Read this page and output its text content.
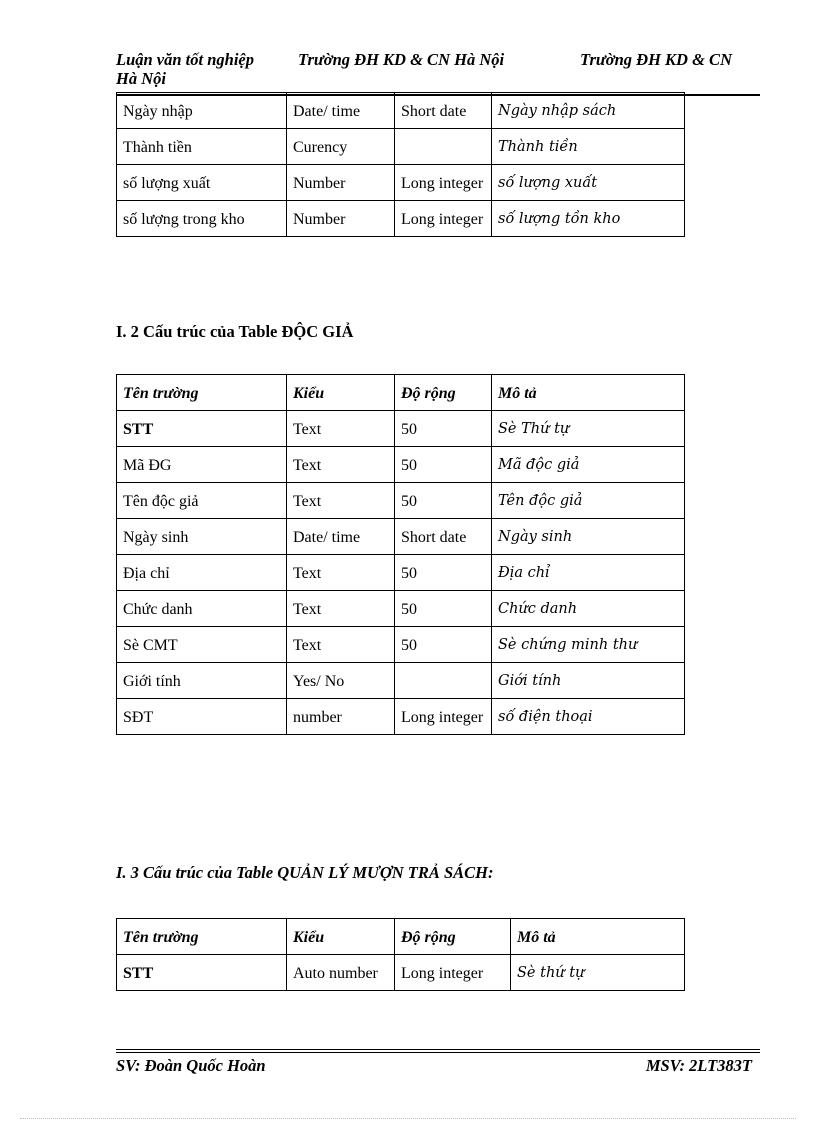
Luận văn tốt nghiệp	Trường ĐH KD & CN Hà Nội	Trường ĐH KD & CN
Hà Nội
Ngày nhập	Date/ time	Short date	Ngày nhập sách
Thành tiền	Curency		Thành tiền
số lượng xuất	Number	Long integer	số lượng xuất
số lượng trong kho	Number	Long integer	số lượng tồn kho
I. 2 Cấu trúc của Table ĐỘC GIẢ
Tên trường	Kiểu	Độ rộng	Mô tả
STT	Text	50	Sè Thứ tự
Mã ĐG	Text	50	Mã độc giả
Tên độc giả	Text	50	Tên độc giả
Ngày sinh	Date/ time	Short date	Ngày sinh
Địa chỉ	Text	50	Địa chỉ
Chức danh	Text	50	Chức danh
Sè CMT	Text	50	Sè chứng minh thư
Giới tính	Yes/ No		Giới tính
SĐT	number	Long integer	số điện thoại
I. 3 Cấu trúc của Table QUẢN LÝ MƯỢN TRẢ SÁCH:
Tên trường	Kiểu	Độ rộng	Mô tả
STT	Auto number	Long integer	Sè thứ tự
SV: Đoàn Quốc Hoàn	MSV: 2LT383T
